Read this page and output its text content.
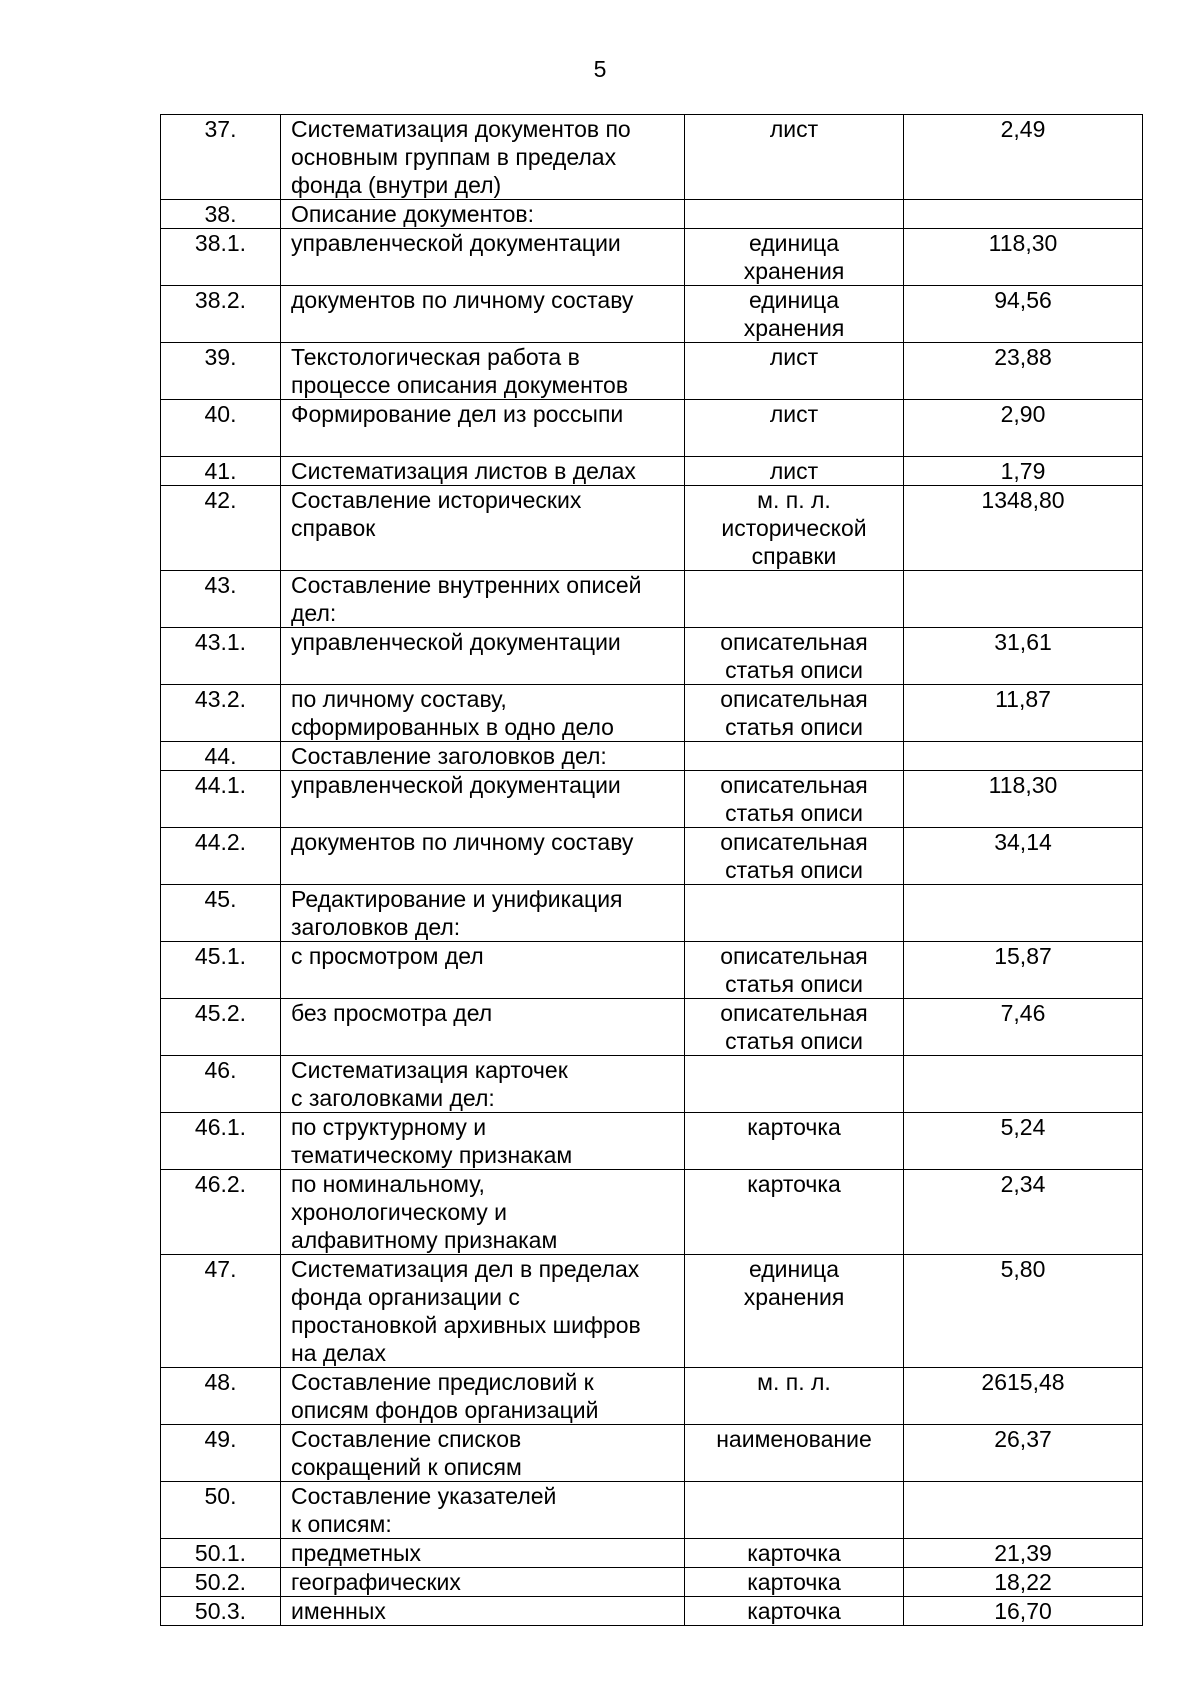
5
37.	Систематизация документов по
основным группам в пределах
фонда (внутри дел)	лист	2,49
38.	Описание документов:		

38.1.	управленческой документации	единица
хранения	118,30
38.2.	документов по личному составу	единица
хранения	94,56
39.	Текстологическая работа в
процессе описания документов	лист	23,88
40.	Формирование дел из россыпи	лист	2,90
41.	Систематизация листов в делах	лист	1,79
42.	Составление исторических
справок	м. п. л.
исторической
справки	1348,80
43.	Составление внутренних описей
дел:		

43.1.	управленческой документации	описательная
статья описи	31,61
43.2.	по личному составу,
сформированных в одно дело	описательная
статья описи	11,87
44.	Составление заголовков дел:		

44.1.	управленческой документации	описательная
статья описи	118,30
44.2.	документов по личному составу	описательная
статья описи	34,14
45.	Редактирование и унификация
заголовков дел:		

45.1.	с просмотром дел	описательная
статья описи	15,87
45.2.	без просмотра дел	описательная
статья описи	7,46
46.	Систематизация карточек
с заголовками дел:		

46.1.	по структурному и
тематическому признакам	карточка	5,24
46.2.	по номинальному,
хронологическому и
алфавитному признакам	карточка	2,34
47.	Систематизация дел в пределах
фонда организации с
простановкой архивных шифров
на делах	единица
хранения	5,80
48.	Составление предисловий к
описям фондов организаций	м. п. л.	2615,48
49.	Составление списков
сокращений к описям	наименование	26,37
50.	Составление указателей
к описям:		

50.1.	предметных	карточка	21,39
50.2.	географических	карточка	18,22
50.3.	именных	карточка	16,70
